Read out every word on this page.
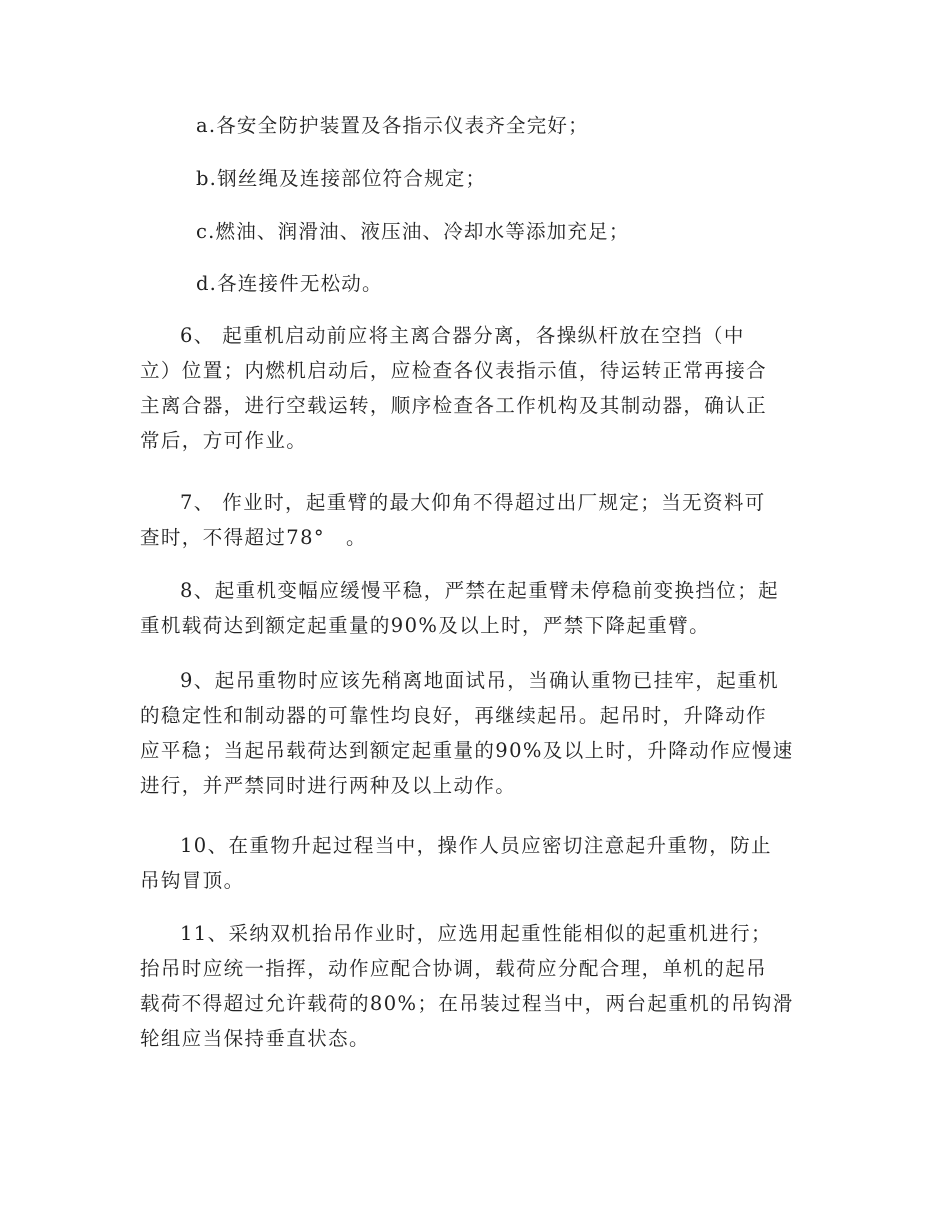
a.各安全防护装置及各指示仪表齐全完好；
b.钢丝绳及连接部位符合规定；
c.燃油、润滑油、液压油、冷却水等添加充足；
d.各连接件无松动。
6、 起重机启动前应将主离合器分离，各操纵杆放在空挡（中
立）位置；内燃机启动后，应检查各仪表指示值，待运转正常再接合
主离合器，进行空载运转，顺序检查各工作机构及其制动器，确认正
常后，方可作业。
7、 作业时，起重臂的最大仰角不得超过出厂规定；当无资料可
查时，不得超过78°　。
8、起重机变幅应缓慢平稳，严禁在起重臂未停稳前变换挡位；起
重机载荷达到额定起重量的90%及以上时，严禁下降起重臂。
9、起吊重物时应该先稍离地面试吊，当确认重物已挂牢，起重机
的稳定性和制动器的可靠性均良好，再继续起吊。起吊时，升降动作
应平稳；当起吊载荷达到额定起重量的90%及以上时，升降动作应慢速
进行，并严禁同时进行两种及以上动作。
10、在重物升起过程当中，操作人员应密切注意起升重物，防止
吊钩冒顶。
11、采纳双机抬吊作业时，应选用起重性能相似的起重机进行；
抬吊时应统一指挥，动作应配合协调，载荷应分配合理，单机的起吊
载荷不得超过允许载荷的80%；在吊装过程当中，两台起重机的吊钩滑
轮组应当保持垂直状态。
